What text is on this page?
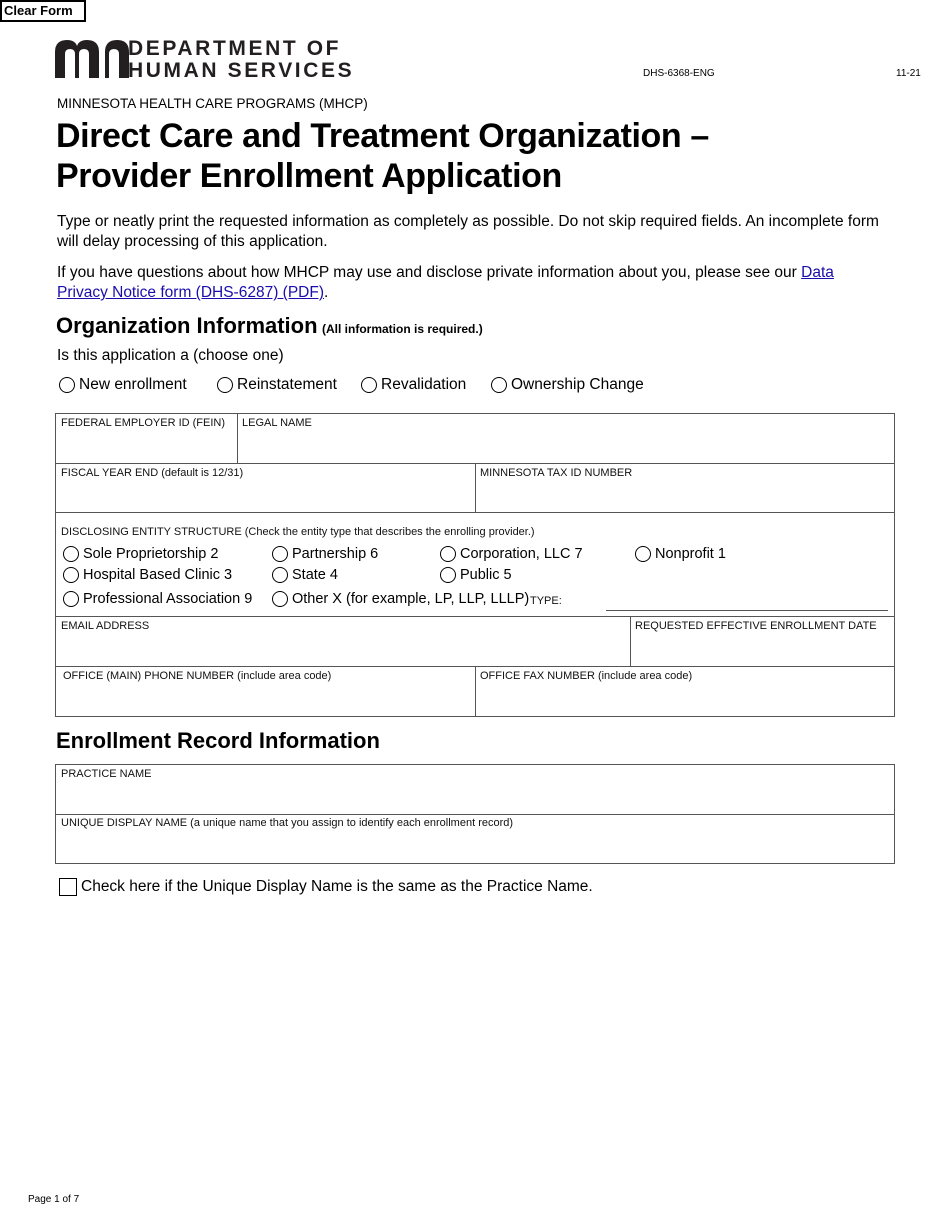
Clear Form
DEPARTMENT OF
HUMAN SERVICES	DHS-6368-ENG	11-21
MINNESOTA HEALTH CARE PROGRAMS (MHCP)
Direct Care and Treatment Organization –
Provider Enrollment Application
Type or neatly print the requested information as completely as possible. Do not skip required fields. An incomplete form will delay processing of this application.
If you have questions about how MHCP may use and disclose private information about you, please see our Data Privacy Notice form (DHS-6287) (PDF).
Organization Information (All information is required.)
Is this application a (choose one)
New enrollment	Reinstatement	Revalidation	Ownership Change
FEDERAL EMPLOYER ID (FEIN) LEGAL NAME
FISCAL YEAR END (default is 12/31)	MINNESOTA TAX ID NUMBER
DISCLOSING ENTITY STRUCTURE (Check the entity type that describes the enrolling provider.)
Sole Proprietorship 2	Partnership 6	Corporation, LLC 7	Nonprofit 1
Hospital Based Clinic 3	State 4	Public 5
Professional Association 9	Other X (for example, LP, LLP, LLLP) TYPE:
EMAIL ADDRESS	REQUESTED EFFECTIVE ENROLLMENT DATE
OFFICE (MAIN) PHONE NUMBER (include area code)	OFFICE FAX NUMBER (include area code)
Enrollment Record Information
PRACTICE NAME
UNIQUE DISPLAY NAME (a unique name that you assign to identify each enrollment record)
Check here if the Unique Display Name is the same as the Practice Name.
Page 1 of 7
